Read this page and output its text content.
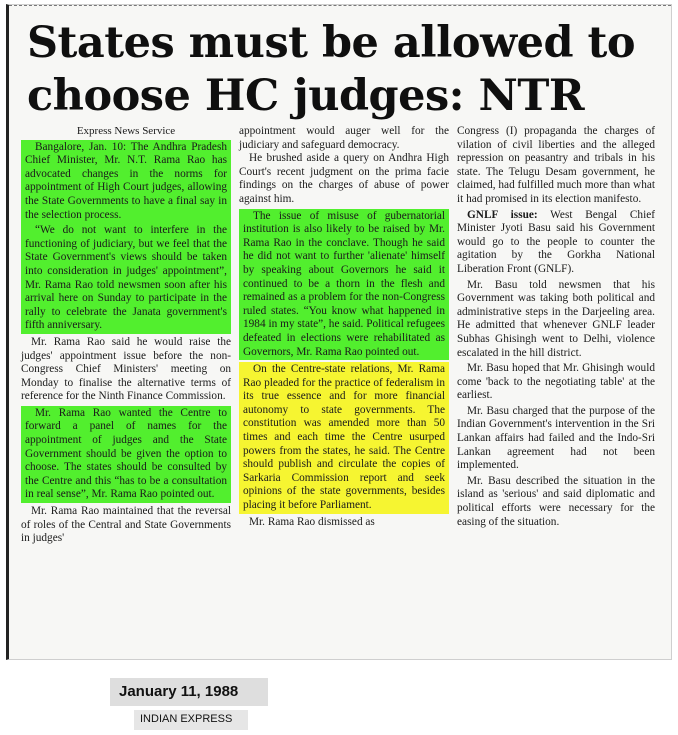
States must be allowed to
choose HC judges: NTR

Express News Service

Bangalore, Jan. 10: The Andhra Pradesh Chief Minister, Mr. N.T. Rama Rao has advocated changes in the norms for appointment of High Court judges, allowing the State Governments to have a final say in the selection process.

“We do not want to interfere in the functioning of judiciary, but we feel that the State Government's views should be taken into consideration in judges' appointment”, Mr. Rama Rao told newsmen soon after his arrival here on Sunday to participate in the rally to celebrate the Janata government's fifth anniversary.

Mr. Rama Rao said he would raise the judges' appointment issue before the non-Congress Chief Ministers' meeting on Monday to finalise the alternative terms of reference for the Ninth Finance Commission.

Mr. Rama Rao wanted the Centre to forward a panel of names for the appointment of judges and the State Government should be given the option to choose. The states should be consulted by the Centre and this “has to be a consultation in real sense”, Mr. Rama Rao pointed out.

Mr. Rama Rao maintained that the reversal of roles of the Central and State Governments in judges'

appointment would auger well for the judiciary and safeguard democracy.

He brushed aside a query on Andhra High Court's recent judgment on the prima facie findings on the charges of abuse of power against him.

The issue of misuse of gubernatorial institution is also likely to be raised by Mr. Rama Rao in the conclave. Though he said he did not want to further 'alienate' himself by speaking about Governors he said it continued to be a thorn in the flesh and remained as a problem for the non-Congress ruled states. “You know what happened in 1984 in my state”, he said. Political refugees defeated in elections were rehabilitated as Governors, Mr. Rama Rao pointed out.

On the Centre-state relations, Mr. Rama Rao pleaded for the practice of federalism in its true essence and for more financial autonomy to state governments. The constitution was amended more than 50 times and each time the Centre usurped powers from the states, he said. The Centre should publish and circulate the copies of Sarkaria Commission report and seek opinions of the state governments, besides placing it before Parliament.

Mr. Rama Rao dismissed as

Congress (I) propaganda the charges of vilation of civil liberties and the alleged repression on peasantry and tribals in his state. The Telugu Desam government, he claimed, had fulfilled much more than what it had promised in its election manifesto.

GNLF issue: West Bengal Chief Minister Jyoti Basu said his Government would go to the people to counter the agitation by the Gorkha National Liberation Front (GNLF).

Mr. Basu told newsmen that his Government was taking both political and administrative steps in the Darjeeling area. He admitted that whenever GNLF leader Subhas Ghisingh went to Delhi, violence escalated in the hill district.

Mr. Basu hoped that Mr. Ghisingh would come 'back to the negotiating table' at the earliest.

Mr. Basu charged that the purpose of the Indian Government's intervention in the Sri Lankan affairs had failed and the Indo-Sri Lankan agreement had not been implemented.

Mr. Basu described the situation in the island as 'serious' and said diplomatic and political efforts were necessary for the easing of the situation.

January 11, 1988
INDIAN EXPRESS
